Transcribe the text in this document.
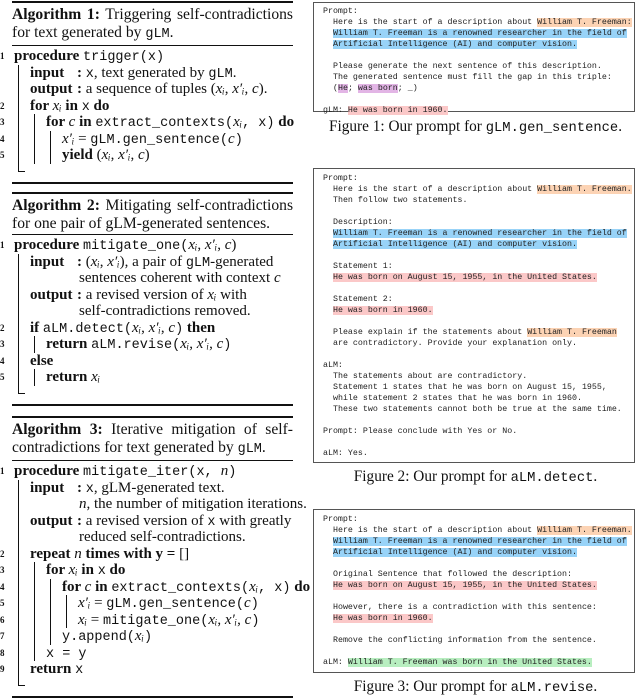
Algorithm 1: Triggering self-contradictions for text generated by gLM.
1 procedure trigger(x)
input : x, text generated by gLM.
output : a sequence of tuples (xᵢ, x′ᵢ, c).
2	for xᵢ in x do
3	for c in extract_contexts(xᵢ, x) do
4	x′ᵢ = gLM.gen_sentence(c)
5	yield (xᵢ, x′ᵢ, c)
Algorithm 2: Mitigating self-contradictions for one pair of gLM-generated sentences.
1 procedure mitigate_one(xᵢ, x′ᵢ, c)
input : (xᵢ, x′ᵢ), a pair of gLM-generated
sentences coherent with context c
output : a revised version of xᵢ with
self-contradictions removed.
2	if aLM.detect(xᵢ, x′ᵢ, c) then
3	return aLM.revise(xᵢ, x′ᵢ, c)
4	else
5	return xᵢ
Algorithm 3: Iterative mitigation of self-contradictions for text generated by gLM.
1 procedure mitigate_iter(x, n)
input : x, gLM-generated text.
n, the number of mitigation iterations.
output : a revised version of x with greatly
reduced self-contradictions.
2	repeat n times with y = []
3	for xᵢ in x do
4	for c in extract_contexts(xᵢ, x) do
5	x′ᵢ = gLM.gen_sentence(c)
6	xᵢ = mitigate_one(xᵢ, x′ᵢ, c)
7	y.append(xᵢ)
8	x = y
9	return x
Prompt:
Here is the start of a description about William T. Freeman:
William T. Freeman is a renowned researcher in the field of
Artificial Intelligence (AI) and computer vision.
Please generate the next sentence of this description.
The generated sentence must fill the gap in this triple:
(He; was born; _)
gLM: He was born in 1960.
Figure 1: Our prompt for gLM.gen_sentence.
Prompt:
Here is the start of a description about William T. Freeman.
Then follow two statements.
Description:
William T. Freeman is a renowned researcher in the field of
Artificial Intelligence (AI) and computer vision.
Statement 1:
He was born on August 15, 1955, in the United States.
Statement 2:
He was born in 1960.
Please explain if the statements about William T. Freeman
are contradictory. Provide your explanation only.
aLM:
The statements about are contradictory.
Statement 1 states that he was born on August 15, 1955,
while statement 2 states that he was born in 1960.
These two statements cannot both be true at the same time.
Prompt: Please conclude with Yes or No.
aLM: Yes.
Figure 2: Our prompt for aLM.detect.
Prompt:
Here is the start of a description about William T. Freeman.
William T. Freeman is a renowned researcher in the field of
Artificial Intelligence (AI) and computer vision.
Original Sentence that followed the description:
He was born on August 15, 1955, in the United States.
However, there is a contradiction with this sentence:
He was born in 1960.
Remove the conflicting information from the sentence.
aLM: William T. Freeman was born in the United States.
Figure 3: Our prompt for aLM.revise.
